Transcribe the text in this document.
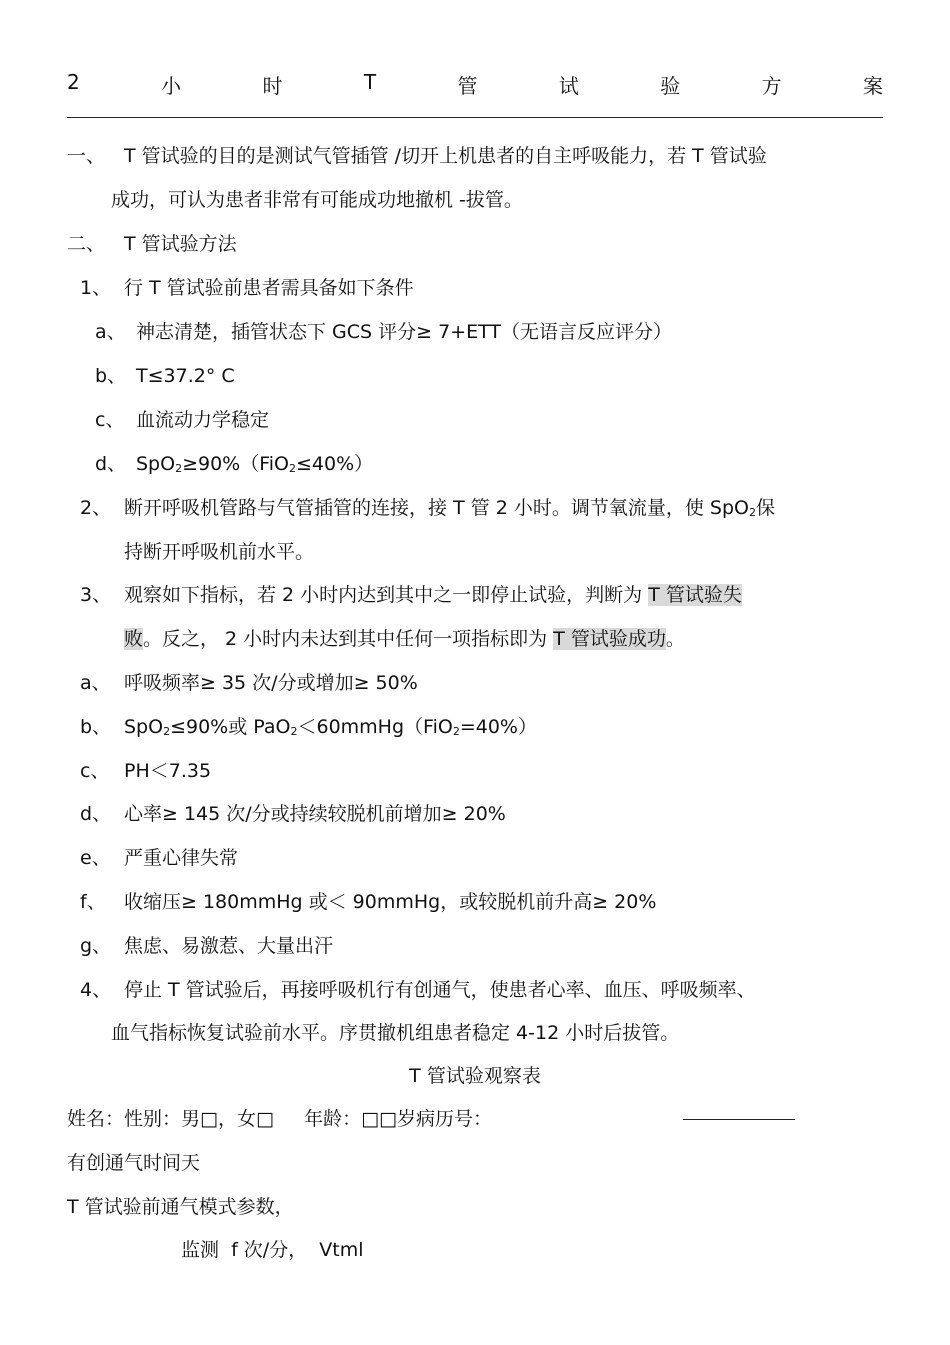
2	小	时	T	管	试	验	方	案
一、 T 管试验的目的是测试气管插管 /切开上机患者的自主呼吸能力，若 T 管试验
成功，可认为患者非常有可能成功地撤机 -拔管。
二、 T 管试验方法
1、 行 T 管试验前患者需具备如下条件
a、 神志清楚，插管状态下 GCS 评分≥ 7+ETT（无语言反应评分）
b、 T≤37.2° C
c、 血流动力学稳定
d、 SpO$_2$≥90%（FiO$_2$≤40%）
2、 断开呼吸机管路与气管插管的连接，接 T 管 2 小时。调节氧流量，使 SpO$_2$保
持断开呼吸机前水平。
3、 观察如下指标，若 2 小时内达到其中之一即停止试验，判断为 T 管试验失
败。反之， 2 小时内未达到其中任何一项指标即为 T 管试验成功。
a、 呼吸频率≥ 35 次/分或增加≥ 50%
b、 SpO$_2$≤90%或 PaO$_2$＜60mmHg（FiO$_2$=40%）
c、 PH＜7.35
d、 心率≥ 145 次/分或持续较脱机前增加≥ 20%
e、 严重心律失常
f、 收缩压≥ 180mmHg 或＜ 90mmHg，或较脱机前升高≥ 20%
g、 焦虑、易激惹、大量出汗
4、 停止 T 管试验后，再接呼吸机行有创通气，使患者心率、血压、呼吸频率、
血气指标恢复试验前水平。序贯撤机组患者稳定 4-12 小时后拔管。
T 管试验观察表
姓名：性别：男□，女□     年龄：□□岁病历号：
有创通气时间天
T 管试验前通气模式参数，
监测  f 次/分，  Vtml
